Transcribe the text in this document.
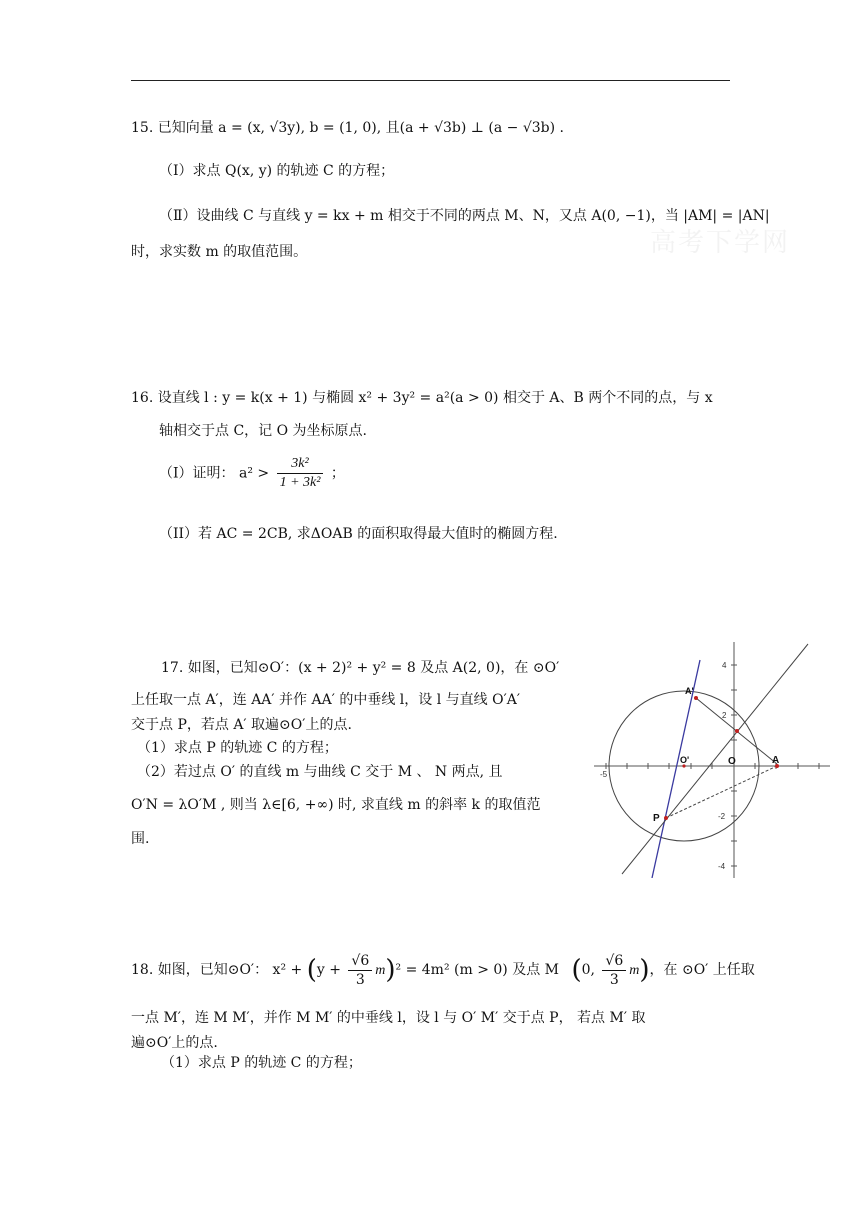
高考下学网
15. 已知向量 a = (x, √3y), b = (1, 0), 且(a + √3b) ⊥ (a − √3b) .
（Ⅰ）求点 Q(x, y) 的轨迹 C 的方程；
（Ⅱ）设曲线 C 与直线 y = kx + m 相交于不同的两点 M、N，又点 A(0, −1)，当 |AM| = |AN|
时，求实数 m 的取值范围。
16. 设直线 l : y = k(x + 1) 与椭圆 x² + 3y² = a²(a > 0) 相交于 A、B 两个不同的点，与 x
轴相交于点 C，记 O 为坐标原点.
（I）证明： $a^2 > \frac{\text{3k²}}{\text{1 + 3k²}}$ ；
（II）若 AC = 2CB, 求ΔOAB 的面积取得最大值时的椭圆方程.
17. 如图，已知⊙O′：(x + 2)² + y² = 8 及点 A(2, 0)，在 ⊙O′
上任取一点 A′，连 AA′ 并作 AA′ 的中垂线 l，设 l 与直线 O′A′
交于点 P，若点 A′ 取遍⊙O′上的点.
（1）求点 P 的轨迹 C 的方程；
（2）若过点 O′ 的直线 m 与曲线 C 交于 M 、 N 两点, 且
O′N = λO′M , 则当 λ∈[6, +∞) 时, 求直线 m 的斜率 k 的取值范
围.
-5
4
2
-2
-4
A'
O'	O	A
P
18. 如图，已知⊙O′： $x^2 + (y + \frac{√6}{3} m)^2 = 4m^2$ (m > 0) 及点 M (0, $\frac{√6}{3} m$)，在 ⊙O′ 上任取
一点 M′，连 M M′，并作 M M′ 的中垂线 l，设 l 与 O′ M′ 交于点 P， 若点 M′ 取
遍⊙O′上的点.
（1）求点 P 的轨迹 C 的方程；
